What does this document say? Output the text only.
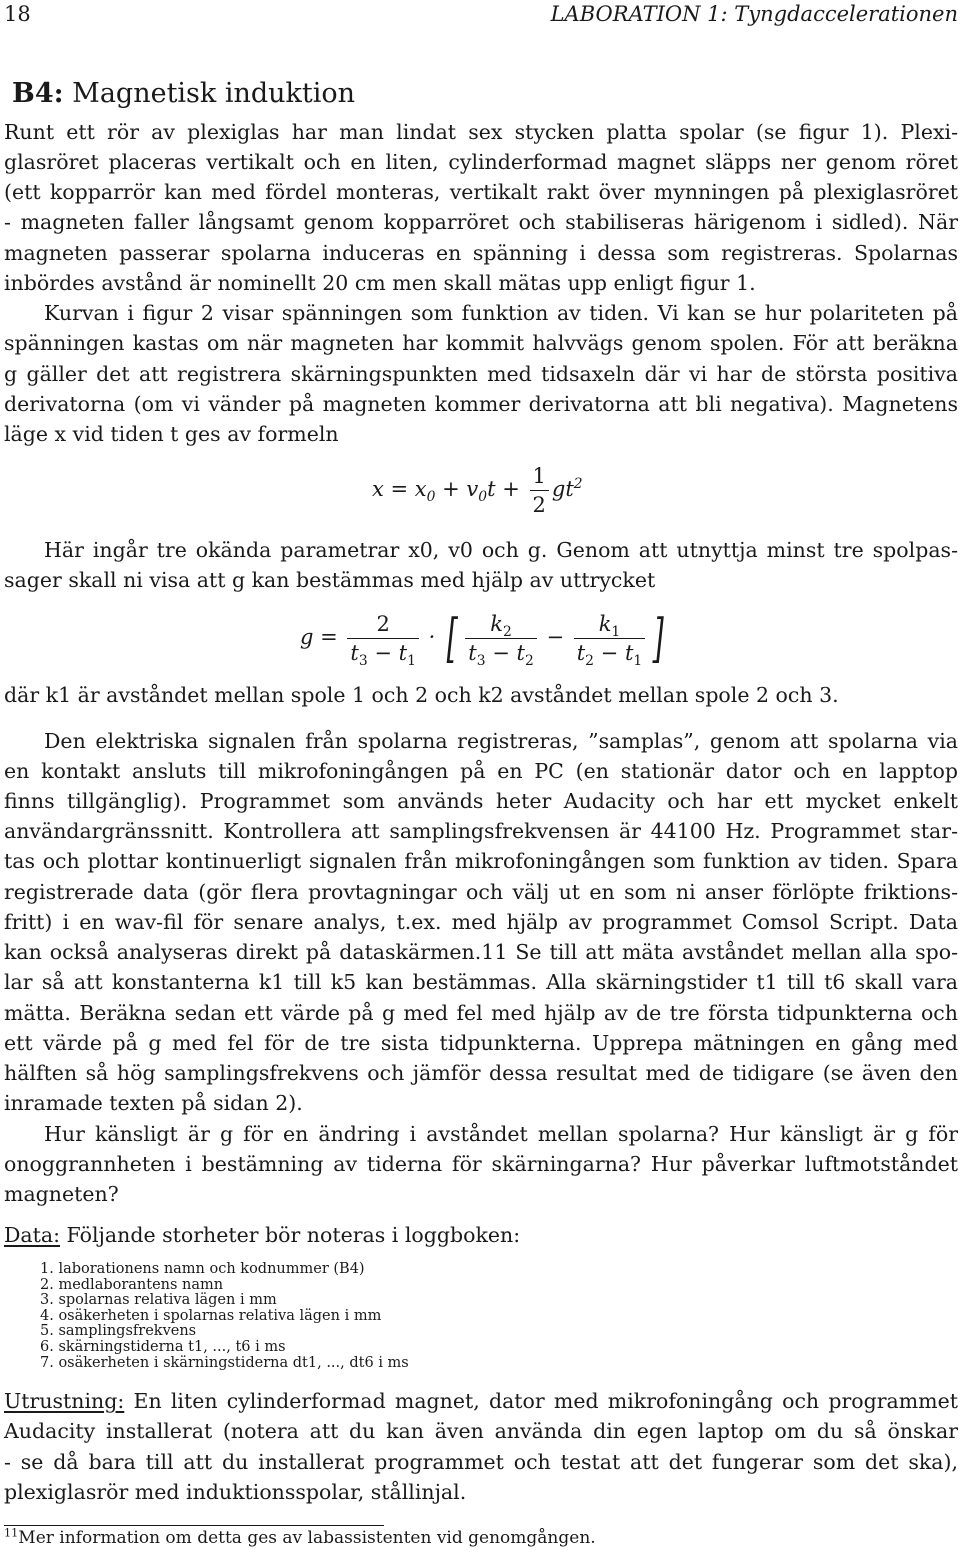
18	LABORATION 1: Tyngdaccelerationen
B4: Magnetisk induktion
Runt ett rör av plexiglas har man lindat sex stycken platta spolar (se figur 1). Plexi-
glasröret placeras vertikalt och en liten, cylinderformad magnet släpps ner genom röret
(ett kopparrör kan med fördel monteras, vertikalt rakt över mynningen på plexiglasröret
- magneten faller långsamt genom kopparröret och stabiliseras härigenom i sidled). När
magneten passerar spolarna induceras en spänning i dessa som registreras. Spolarnas
inbördes avstånd är nominellt 20 cm men skall mätas upp enligt figur 1.
Kurvan i figur 2 visar spänningen som funktion av tiden. Vi kan se hur polariteten på
spänningen kastas om när magneten har kommit halvvägs genom spolen. För att beräkna
g gäller det att registrera skärningspunkten med tidsaxeln där vi har de största positiva
derivatorna (om vi vänder på magneten kommer derivatorna att bli negativa). Magnetens
läge x vid tiden t ges av formeln
$x = x_0 + v_0t + \frac{1}{2} gt^2$
Här ingår tre okända parametrar x0, v0 och g. Genom att utnyttja minst tre spolpas-
sager skall ni visa att g kan bestämmas med hjälp av uttrycket
$g = \frac{2}{t_3 - t_1}$ · [ $\frac{k_2}{t_3 - t_2} - \frac{k_1}{t_2 - t_1}$ ]
där k1 är avståndet mellan spole 1 och 2 och k2 avståndet mellan spole 2 och 3.
Den elektriska signalen från spolarna registreras, ”samplas”, genom att spolarna via
en kontakt ansluts till mikrofoningången på en PC (en stationär dator och en lapptop
finns tillgänglig). Programmet som används heter Audacity och har ett mycket enkelt
användargränssnitt. Kontrollera att samplingsfrekvensen är 44100 Hz. Programmet star-
tas och plottar kontinuerligt signalen från mikrofoningången som funktion av tiden. Spara
registrerade data (gör flera provtagningar och välj ut en som ni anser förlöpte friktions-
fritt) i en wav-fil för senare analys, t.ex. med hjälp av programmet Comsol Script. Data
kan också analyseras direkt på dataskärmen.11 Se till att mäta avståndet mellan alla spo-
lar så att konstanterna k1 till k5 kan bestämmas. Alla skärningstider t1 till t6 skall vara
mätta. Beräkna sedan ett värde på g med fel med hjälp av de tre första tidpunkterna och
ett värde på g med fel för de tre sista tidpunkterna. Upprepa mätningen en gång med
hälften så hög samplingsfrekvens och jämför dessa resultat med de tidigare (se även den
inramade texten på sidan 2).
Hur känsligt är g för en ändring i avståndet mellan spolarna? Hur känsligt är g för
onoggrannheten i bestämning av tiderna för skärningarna? Hur påverkar luftmotståndet
magneten?
Data: Följande storheter bör noteras i loggboken:
1. laborationens namn och kodnummer (B4)
2. medlaborantens namn
3. spolarnas relativa lägen i mm
4. osäkerheten i spolarnas relativa lägen i mm
5. samplingsfrekvens
6. skärningstiderna t1, ..., t6 i ms
7. osäkerheten i skärningstiderna dt1, ..., dt6 i ms
Utrustning: En liten cylinderformad magnet, dator med mikrofoningång och programmet
Audacity installerat (notera att du kan även använda din egen laptop om du så önskar
- se då bara till att du installerat programmet och testat att det fungerar som det ska),
plexiglasrör med induktionsspolar, stållinjal.
$^{11}$Mer information om detta ges av labassistenten vid genomgången.
